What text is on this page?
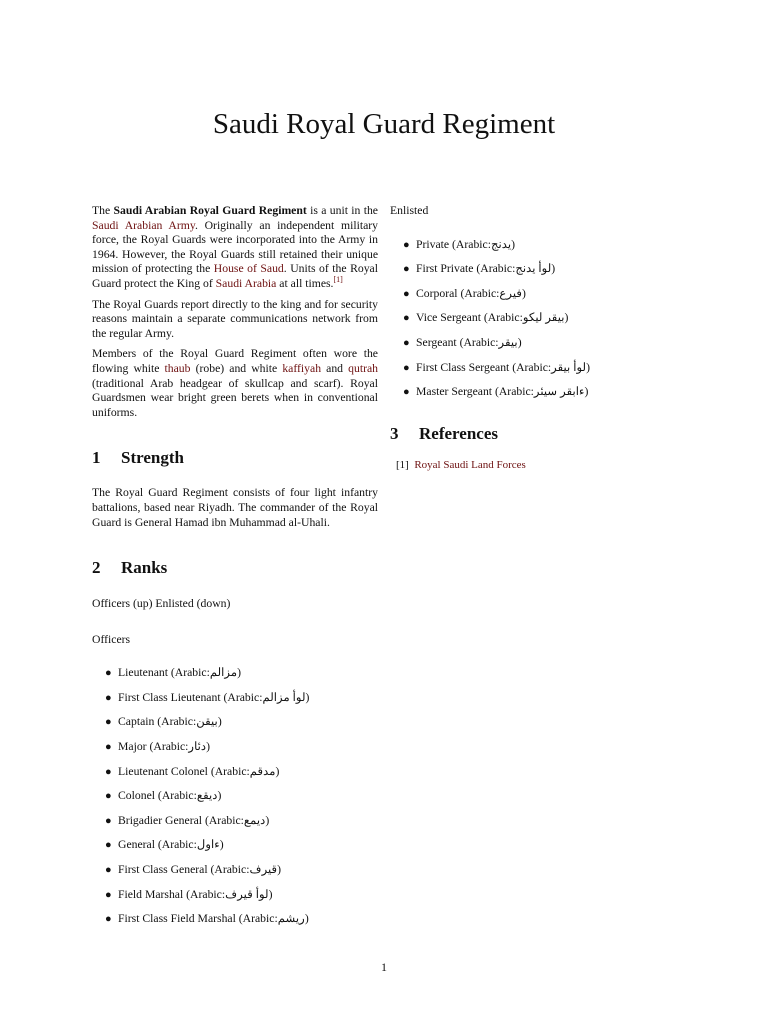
Saudi Royal Guard Regiment

The Saudi Arabian Royal Guard Regiment is a unit in the Saudi Arabian Army. Originally an independent military force, the Royal Guards were incorporated into the Army in 1964. However, the Royal Guards still retained their unique mission of protecting the House of Saud. Units of the Royal Guard protect the King of Saudi Arabia at all times.[1]

The Royal Guards report directly to the king and for security reasons maintain a separate communications network from the regular Army.

Members of the Royal Guard Regiment often wore the flowing white thaub (robe) and white kaffiyah and qutrah (traditional Arab headgear of skullcap and scarf). Royal Guardsmen wear bright green berets when in conventional uniforms.

1 Strength

The Royal Guard Regiment consists of four light infantry battalions, based near Riyadh. The commander of the Royal Guard is General Hamad ibn Muhammad al-Uhali.

2 Ranks

Officers (up) Enlisted (down)

Officers

● Lieutenant (Arabic:مزالم)
● First Class Lieutenant (Arabic:لوأ مزالم)
● Captain (Arabic:بيقن)
● Major (Arabic:دئار)
● Lieutenant Colonel (Arabic:مدقم)
● Colonel (Arabic:ديقع)
● Brigadier General (Arabic:ديمع)
● General (Arabic:ءاول)
● First Class General (Arabic:قيرف)
● Field Marshal (Arabic:لوأ قيرف)
● First Class Field Marshal (Arabic:ريشم)

Enlisted

● Private (Arabic:يدنج)
● First Private (Arabic:لوأ يدنج)
● Corporal (Arabic:فيرع)
● Vice Sergeant (Arabic:بيقر ليكو)
● Sergeant (Arabic:بيقر)
● First Class Sergeant (Arabic:لوأ بيقر)
● Master Sergeant (Arabic:ءابقر سيئر)
3 References

[1] Royal Saudi Land Forces

1
